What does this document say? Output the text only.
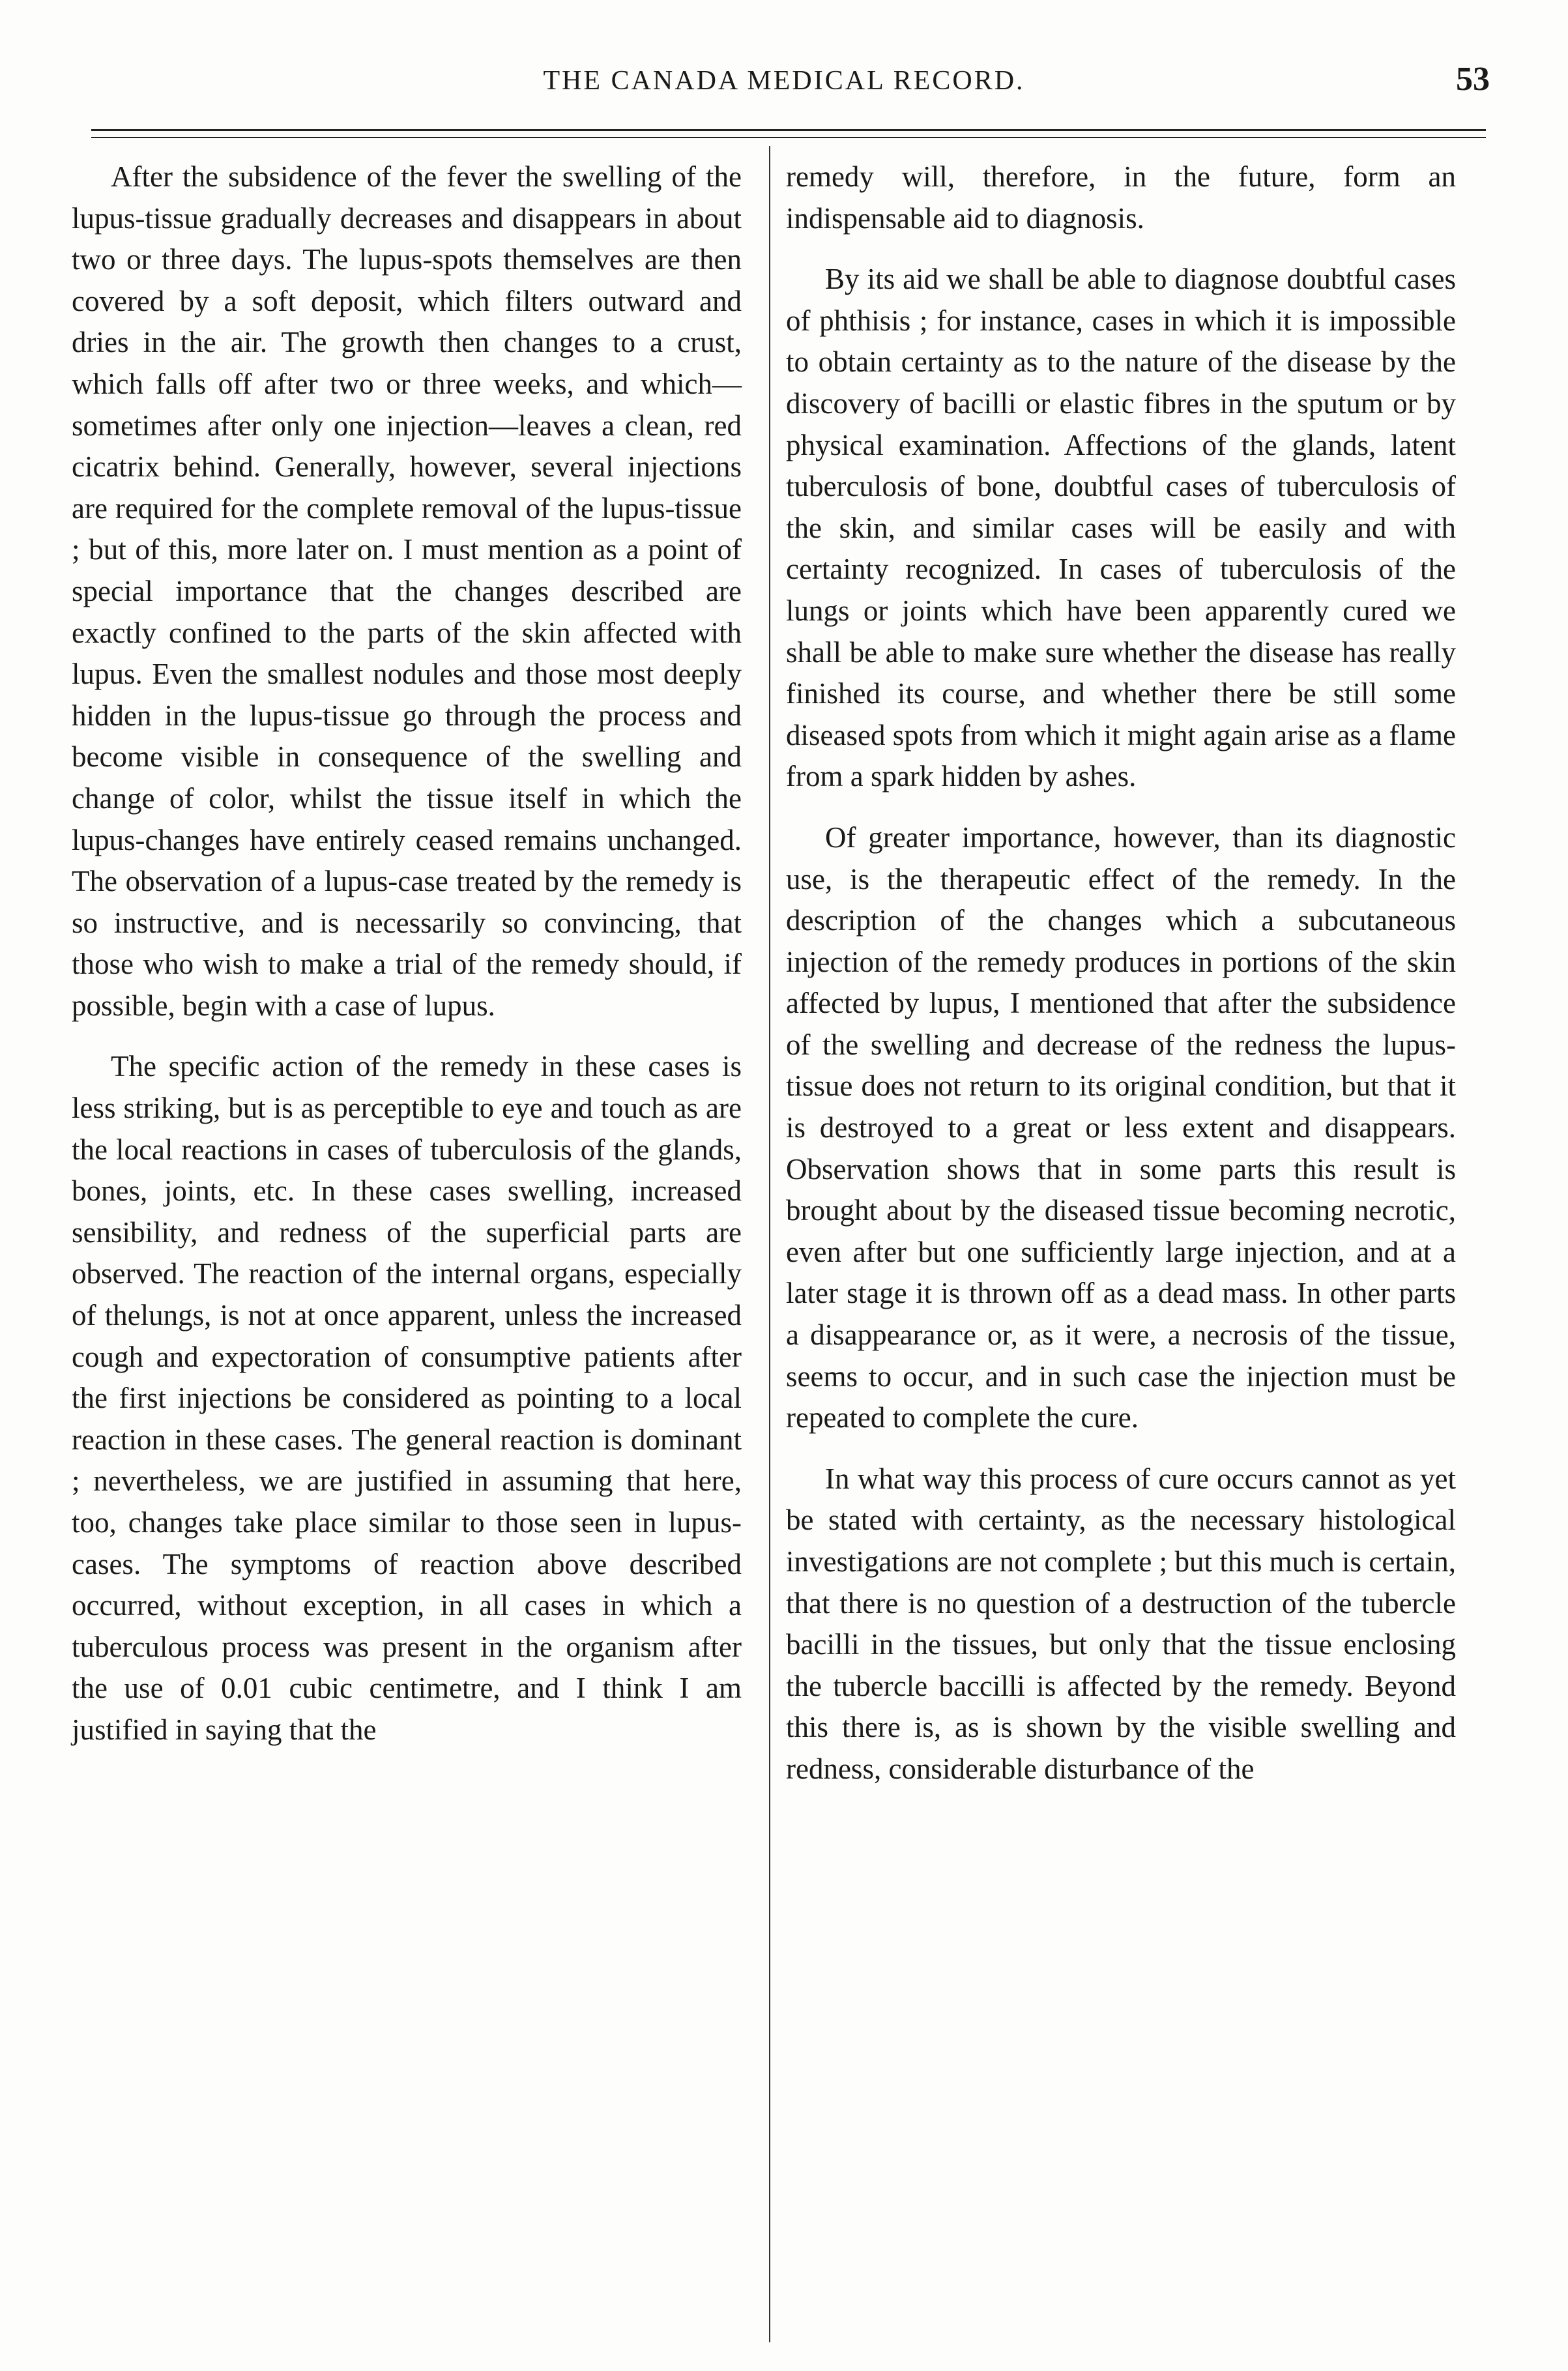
THE CANADA MEDICAL RECORD.	53

After the subsidence of the fever the swelling of the lupus-tissue gradually decreases and disappears in about two or three days. The lupus-spots themselves are then covered by a soft deposit, which filters outward and dries in the air. The growth then changes to a crust, which falls off after two or three weeks, and which—sometimes after only one injection—leaves a clean, red cicatrix behind. Generally, however, several injections are required for the complete removal of the lupus-tissue ; but of this, more later on. I must mention as a point of special importance that the changes described are exactly confined to the parts of the skin affected with lupus. Even the smallest nodules and those most deeply hidden in the lupus-tissue go through the process and become visible in consequence of the swelling and change of color, whilst the tissue itself in which the lupus-changes have entirely ceased remains unchanged. The observation of a lupus-case treated by the remedy is so instructive, and is necessarily so convincing, that those who wish to make a trial of the remedy should, if possible, begin with a case of lupus.

The specific action of the remedy in these cases is less striking, but is as perceptible to eye and touch as are the local reactions in cases of tuberculosis of the glands, bones, joints, etc. In these cases swelling, increased sensibility, and redness of the superficial parts are observed. The reaction of the internal organs, especially of thelungs, is not at once apparent, unless the increased cough and expectoration of consumptive patients after the first injections be considered as pointing to a local reaction in these cases. The general reaction is dominant ; nevertheless, we are justified in assuming that here, too, changes take place similar to those seen in lupus-cases. The symptoms of reaction above described occurred, without exception, in all cases in which a tuberculous process was present in the organism after the use of 0.01 cubic centimetre, and I think I am justified in saying that the

remedy will, therefore, in the future, form an indispensable aid to diagnosis.

By its aid we shall be able to diagnose doubtful cases of phthisis ; for instance, cases in which it is impossible to obtain certainty as to the nature of the disease by the discovery of bacilli or elastic fibres in the sputum or by physical examination. Affections of the glands, latent tuberculosis of bone, doubtful cases of tuberculosis of the skin, and similar cases will be easily and with certainty recognized. In cases of tuberculosis of the lungs or joints which have been apparently cured we shall be able to make sure whether the disease has really finished its course, and whether there be still some diseased spots from which it might again arise as a flame from a spark hidden by ashes.

Of greater importance, however, than its diagnostic use, is the therapeutic effect of the remedy. In the description of the changes which a subcutaneous injection of the remedy produces in portions of the skin affected by lupus, I mentioned that after the subsidence of the swelling and decrease of the redness the lupus-tissue does not return to its original condition, but that it is destroyed to a great or less extent and disappears. Observation shows that in some parts this result is brought about by the diseased tissue becoming necrotic, even after but one sufficiently large injection, and at a later stage it is thrown off as a dead mass. In other parts a disappearance or, as it were, a necrosis of the tissue, seems to occur, and in such case the injection must be repeated to complete the cure.

In what way this process of cure occurs cannot as yet be stated with certainty, as the necessary histological investigations are not complete ; but this much is certain, that there is no question of a destruction of the tubercle bacilli in the tissues, but only that the tissue enclosing the tubercle baccilli is affected by the remedy. Beyond this there is, as is shown by the visible swelling and redness, considerable disturbance of the
